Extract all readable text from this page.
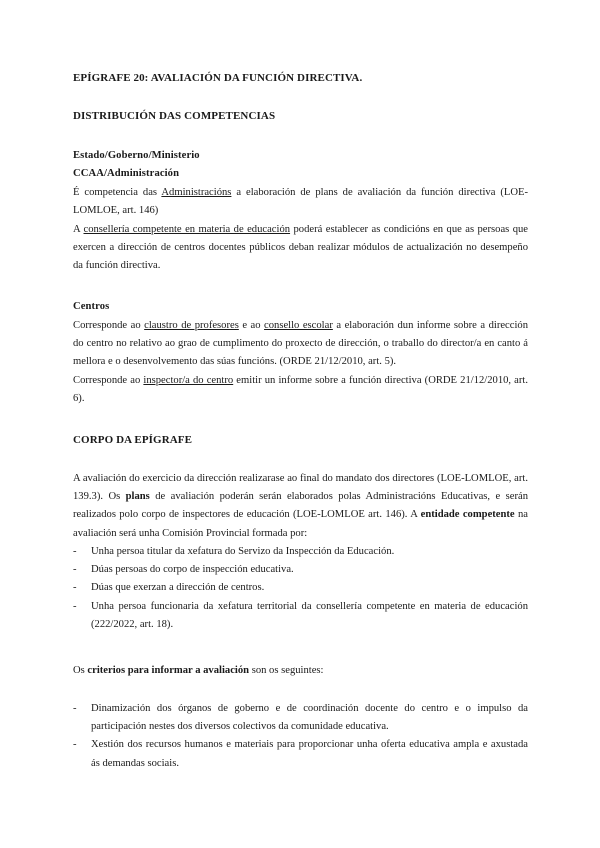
EPÍGRAFE 20: AVALIACIÓN DA FUNCIÓN DIRECTIVA.
DISTRIBUCIÓN DAS COMPETENCIAS
Estado/Goberno/Ministerio
CCAA/Administración

É competencia das Administracións a elaboración de plans de avaliación da función directiva (LOE-LOMLOE, art. 146)

A consellería competente en materia de educación poderá establecer as condicións en que as persoas que exercen a dirección de centros docentes públicos deban realizar módulos de actualización no desempeño da función directiva.

Centros

Corresponde ao claustro de profesores e ao consello escolar a elaboración dun informe sobre a dirección do centro no relativo ao grao de cumplimento do proxecto de dirección, o traballo do director/a en canto á mellora e o desenvolvemento das súas funcións. (ORDE 21/12/2010, art. 5).

Corresponde ao inspector/a do centro emitir un informe sobre a función directiva (ORDE 21/12/2010, art. 6).

CORPO DA EPÍGRAFE

A avaliación do exercicio da dirección realizarase ao final do mandato dos directores (LOE-LOMLOE, art. 139.3). Os plans de avaliación poderán serán elaborados polas Administracións Educativas, e serán realizados polo corpo de inspectores de educación (LOE-LOMLOE art. 146). A entidade competente na avaliación será unha Comisión Provincial formada por:

- Unha persoa titular da xefatura do Servizo da Inspección da Educación.
- Dúas persoas do corpo de inspección educativa.
- Dúas que exerzan a dirección de centros.
- Unha persoa funcionaria da xefatura territorial da consellería competente en materia de educación (222/2022, art. 18).

Os criterios para informar a avaliación son os seguintes:

- Dinamización dos órganos de goberno e de coordinación docente do centro e o impulso da participación nestes dos diversos colectivos da comunidade educativa.
- Xestión dos recursos humanos e materiais para proporcionar unha oferta educativa ampla e axustada ás demandas sociais.
